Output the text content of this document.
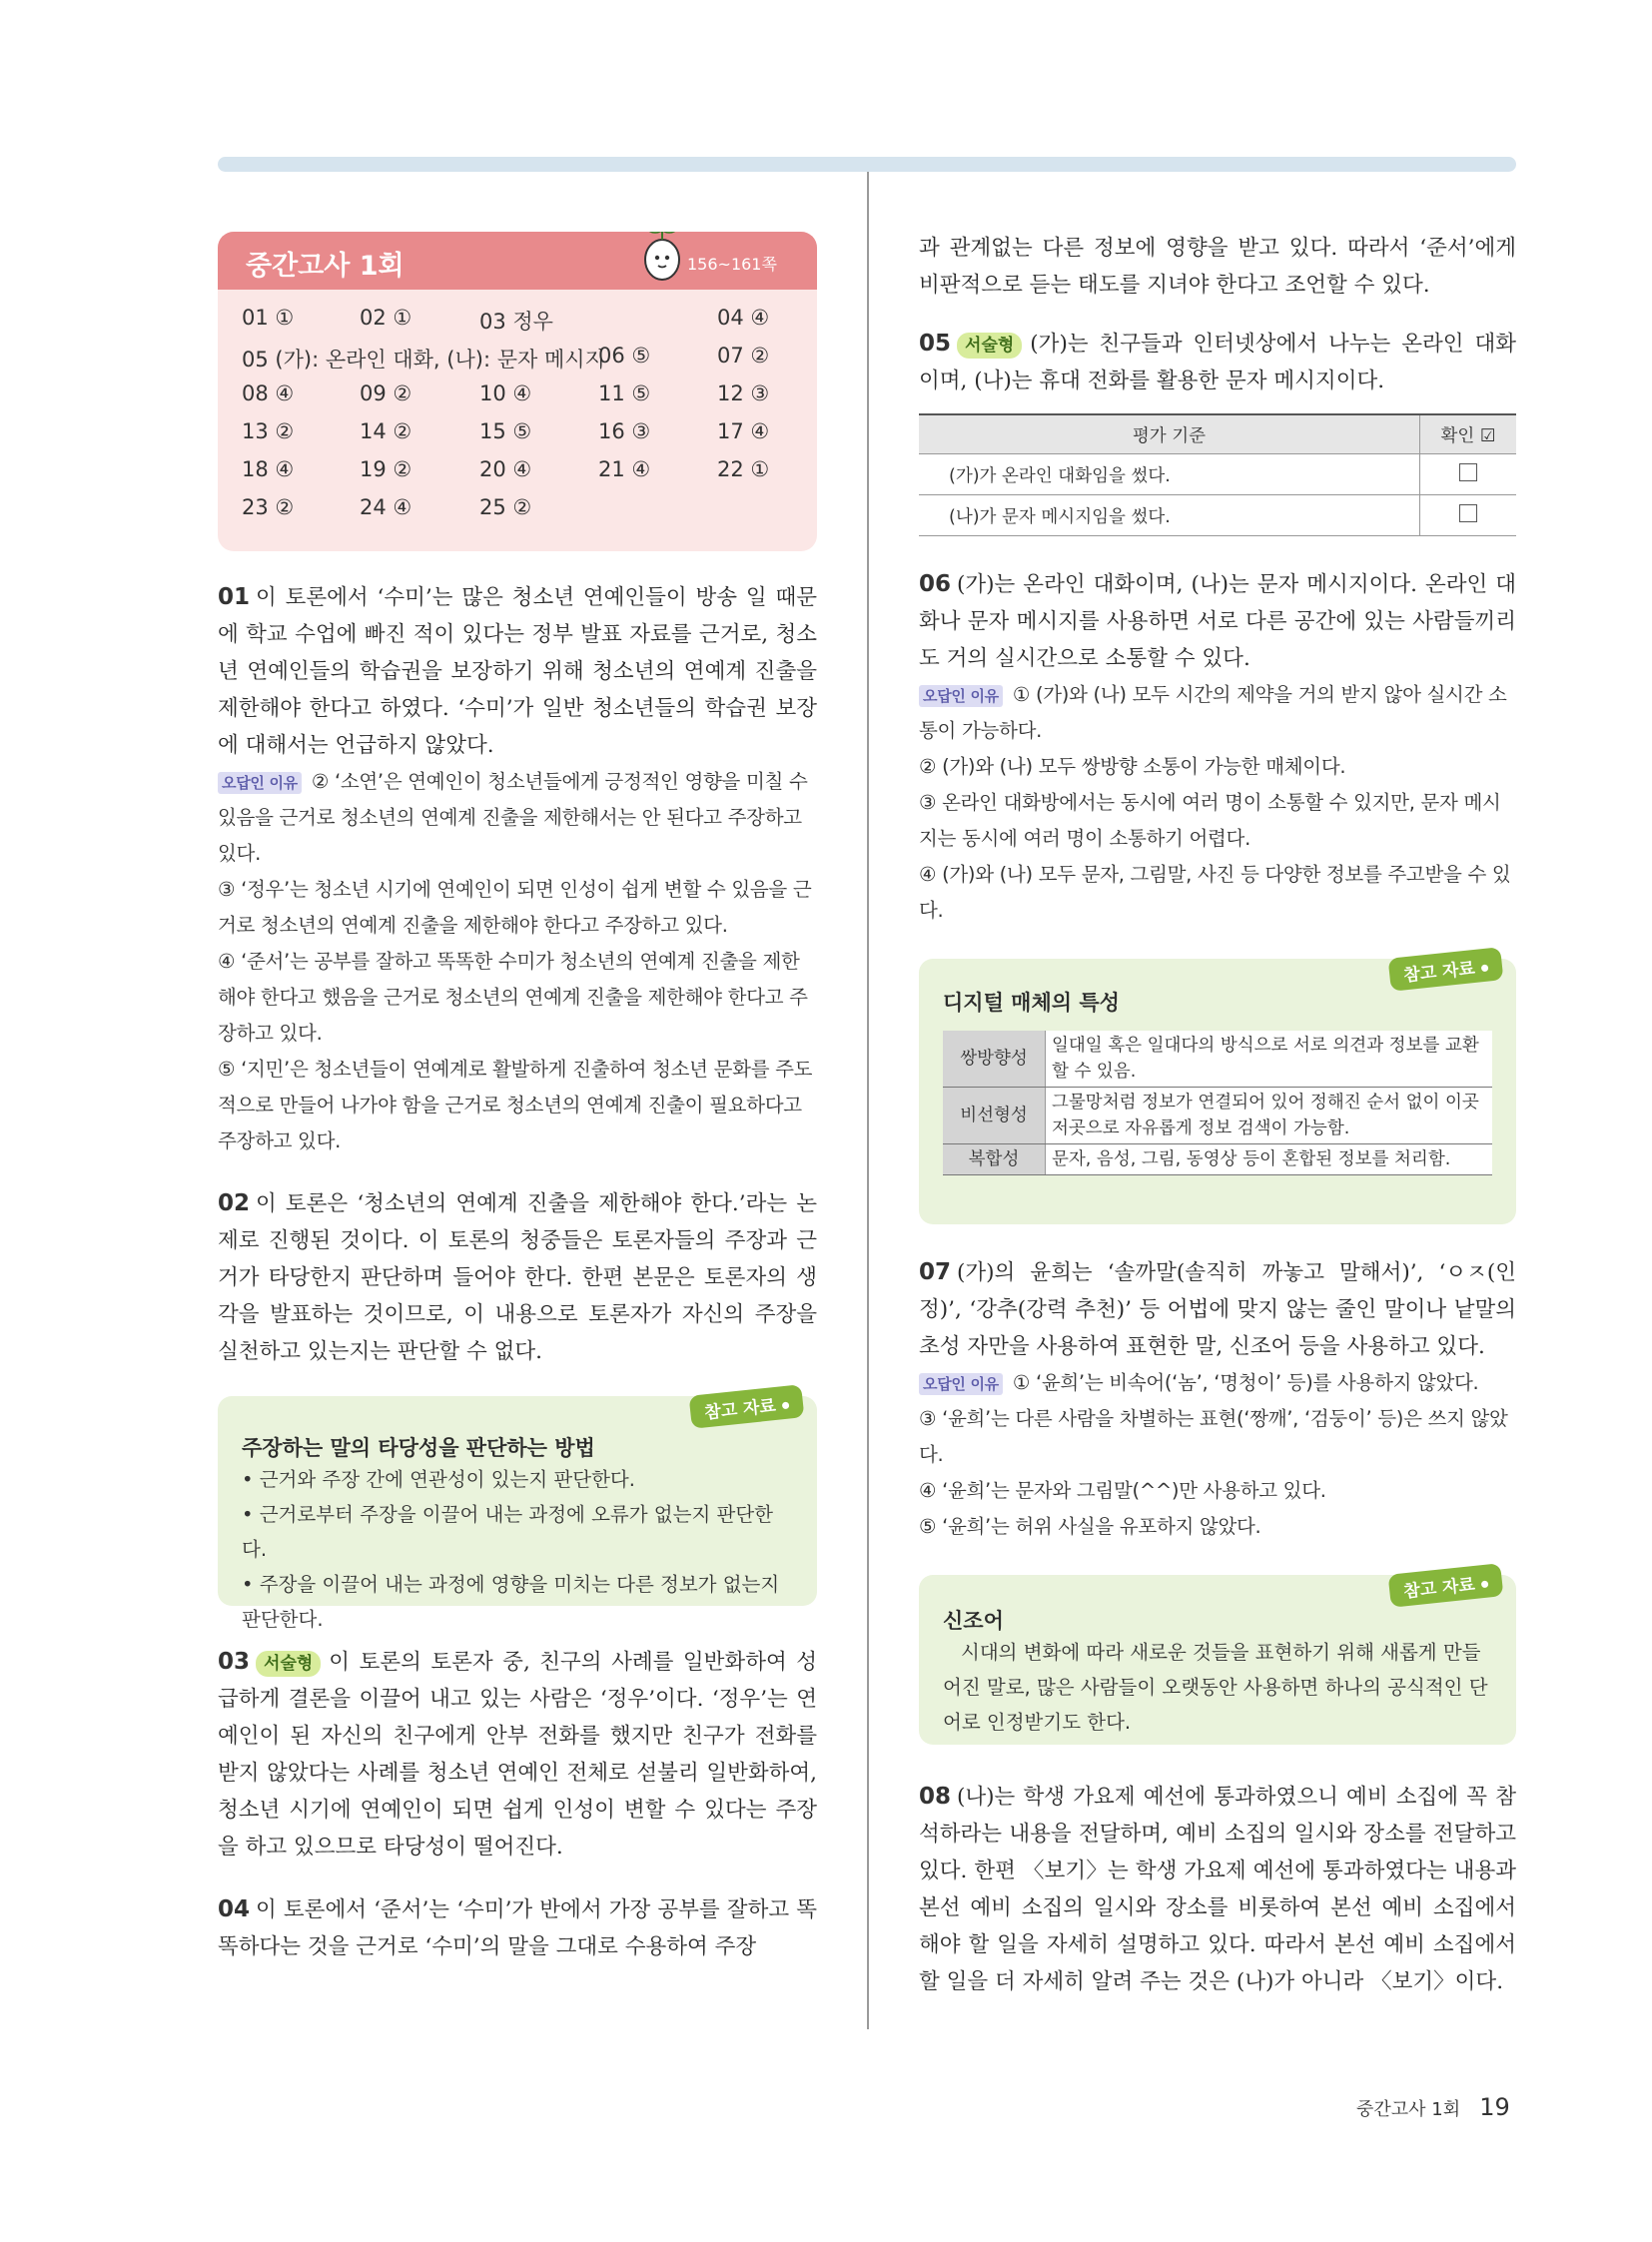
중간고사 1회	156~161쪽
01 ①	02 ①	03 정우	04 ④
05 (가): 온라인 대화, (나): 문자 메시지
06 ⑤	07 ②
08 ④	09 ②	10 ④	11 ⑤	12 ③
13 ②	14 ②	15 ⑤	16 ③	17 ④
18 ④	19 ②	20 ④	21 ④	22 ①
23 ②	24 ④	25 ②

01 이 토론에서 ‘수미’는 많은 청소년 연예인들이 방송 일 때문에 학교 수업에 빠진 적이 있다는 정부 발표 자료를 근거로, 청소년 연예인들의 학습권을 보장하기 위해 청소년의 연예계 진출을 제한해야 한다고 하였다. ‘수미’가 일반 청소년들의 학습권 보장에 대해서는 언급하지 않았다.

오답인 이유 ② ‘소연’은 연예인이 청소년들에게 긍정적인 영향을 미칠 수 있음을 근거로 청소년의 연예계 진출을 제한해서는 안 된다고 주장하고 있다.

③ ‘정우’는 청소년 시기에 연예인이 되면 인성이 쉽게 변할 수 있음을 근거로 청소년의 연예계 진출을 제한해야 한다고 주장하고 있다.

④ ‘준서’는 공부를 잘하고 똑똑한 수미가 청소년의 연예계 진출을 제한해야 한다고 했음을 근거로 청소년의 연예계 진출을 제한해야 한다고 주장하고 있다.

⑤ ‘지민’은 청소년들이 연예계로 활발하게 진출하여 청소년 문화를 주도적으로 만들어 나가야 함을 근거로 청소년의 연예계 진출이 필요하다고 주장하고 있다.

02 이 토론은 ‘청소년의 연예계 진출을 제한해야 한다.’라는 논제로 진행된 것이다. 이 토론의 청중들은 토론자들의 주장과 근거가 타당한지 판단하며 들어야 한다. 한편 본문은 토론자의 생각을 발표하는 것이므로, 이 내용으로 토론자가 자신의 주장을 실천하고 있는지는 판단할 수 없다.

참고 자료

주장하는 말의 타당성을 판단하는 방법

• 근거와 주장 간에 연관성이 있는지 판단한다.

• 근거로부터 주장을 이끌어 내는 과정에 오류가 없는지 판단한다.

• 주장을 이끌어 내는 과정에 영향을 미치는 다른 정보가 없는지 판단한다.

03 서술형 이 토론의 토론자 중, 친구의 사례를 일반화하여 성급하게 결론을 이끌어 내고 있는 사람은 ‘정우’이다. ‘정우’는 연예인이 된 자신의 친구에게 안부 전화를 했지만 친구가 전화를 받지 않았다는 사례를 청소년 연예인 전체로 섣불리 일반화하여, 청소년 시기에 연예인이 되면 쉽게 인성이 변할 수 있다는 주장을 하고 있으므로 타당성이 떨어진다.

04 이 토론에서 ‘준서’는 ‘수미’가 반에서 가장 공부를 잘하고 똑똑하다는 것을 근거로 ‘수미’의 말을 그대로 수용하여 주장

과 관계없는 다른 정보에 영향을 받고 있다. 따라서 ‘준서’에게 비판적으로 듣는 태도를 지녀야 한다고 조언할 수 있다.

05 서술형 (가)는 친구들과 인터넷상에서 나누는 온라인 대화이며, (나)는 휴대 전화를 활용한 문자 메시지이다.

평가 기준	확인 ☑
(가)가 온라인 대화임을 썼다.	
(나)가 문자 메시지임을 썼다.	

06 (가)는 온라인 대화이며, (나)는 문자 메시지이다. 온라인 대화나 문자 메시지를 사용하면 서로 다른 공간에 있는 사람들끼리도 거의 실시간으로 소통할 수 있다.

오답인 이유 ① (가)와 (나) 모두 시간의 제약을 거의 받지 않아 실시간 소통이 가능하다.

② (가)와 (나) 모두 쌍방향 소통이 가능한 매체이다.

③ 온라인 대화방에서는 동시에 여러 명이 소통할 수 있지만, 문자 메시지는 동시에 여러 명이 소통하기 어렵다.

④ (가)와 (나) 모두 문자, 그림말, 사진 등 다양한 정보를 주고받을 수 있다.

참고 자료

디지털 매체의 특성

쌍방향성	일대일 혹은 일대다의 방식으로 서로 의견과 정보를 교환할 수 있음.
비선형성	그물망처럼 정보가 연결되어 있어 정해진 순서 없이 이곳저곳으로 자유롭게 정보 검색이 가능함.
복합성	문자, 음성, 그림, 동영상 등이 혼합된 정보를 처리함.

07 (가)의 윤희는 ‘솔까말(솔직히 까놓고 말해서)’, ‘ㅇㅈ(인정)’, ‘강추(강력 추천)’ 등 어법에 맞지 않는 줄인 말이나 낱말의 초성 자만을 사용하여 표현한 말, 신조어 등을 사용하고 있다.

오답인 이유 ① ‘윤희’는 비속어(‘놈’, ‘명청이’ 등)를 사용하지 않았다.

③ ‘윤희’는 다른 사람을 차별하는 표현(‘짱깨’, ‘검둥이’ 등)은 쓰지 않았다.

④ ‘윤희’는 문자와 그림말(^^)만 사용하고 있다.

⑤ ‘윤희’는 허위 사실을 유포하지 않았다.

참고 자료

신조어

시대의 변화에 따라 새로운 것들을 표현하기 위해 새롭게 만들어진 말로, 많은 사람들이 오랫동안 사용하면 하나의 공식적인 단어로 인정받기도 한다.

08 (나)는 학생 가요제 예선에 통과하였으니 예비 소집에 꼭 참석하라는 내용을 전달하며, 예비 소집의 일시와 장소를 전달하고 있다. 한편 〈보기〉는 학생 가요제 예선에 통과하였다는 내용과 본선 예비 소집의 일시와 장소를 비롯하여 본선 예비 소집에서 해야 할 일을 자세히 설명하고 있다. 따라서 본선 예비 소집에서 할 일을 더 자세히 알려 주는 것은 (나)가 아니라 〈보기〉이다.

중간고사 1회 19
